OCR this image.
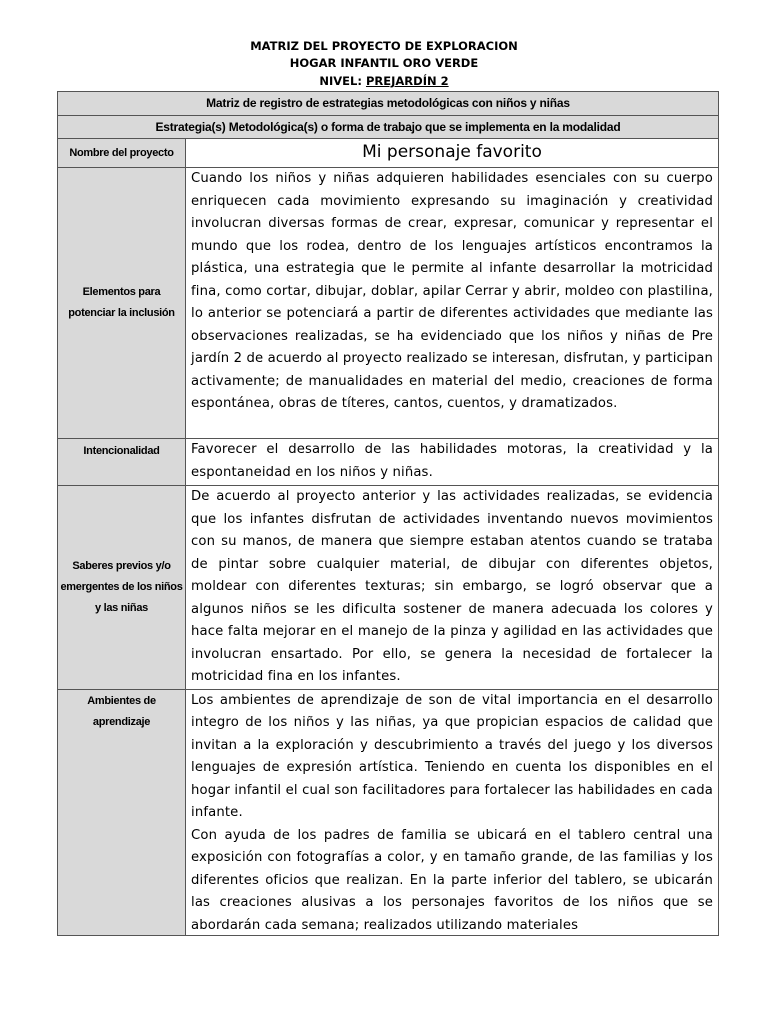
MATRIZ DEL PROYECTO DE EXPLORACION
HOGAR INFANTIL ORO VERDE
NIVEL: PREJARDÍN 2
Matriz de registro de estrategias metodológicas con niños y niñas	
Estrategia(s) Metodológica(s) o forma de trabajo que se implementa en la modalidad	
Nombre del proyecto	Mi personaje favorito
Elementos para potenciar la inclusión	Cuando los niños y niñas adquieren habilidades esenciales con su cuerpo enriquecen cada movimiento expresando su imaginación y creatividad involucran diversas formas de crear, expresar, comunicar y representar el mundo que los rodea, dentro de los lenguajes artísticos encontramos la plástica, una estrategia que le permite al infante desarrollar la motricidad fina, como cortar, dibujar, doblar, apilar Cerrar y abrir, moldeo con plastilina, lo anterior se potenciará a partir de diferentes actividades que mediante las observaciones realizadas, se ha evidenciado que los niños y niñas de Pre jardín 2 de acuerdo al proyecto realizado se interesan, disfrutan, y participan activamente; de manualidades en material del medio, creaciones de forma espontánea, obras de títeres, cantos, cuentos, y dramatizados.

Intencionalidad	Favorecer el desarrollo de las habilidades motoras, la creatividad y la espontaneidad en los niños y niñas.

Saberes previos y/o emergentes de los niños y las niñas	De acuerdo al proyecto anterior y las actividades realizadas, se evidencia que los infantes disfrutan de actividades inventando nuevos movimientos con su manos, de manera que siempre estaban atentos cuando se trataba de pintar sobre cualquier material, de dibujar con diferentes objetos, moldear con diferentes texturas; sin embargo, se logró observar que a algunos niños se les dificulta sostener de manera adecuada los colores y hace falta mejorar en el manejo de la pinza y agilidad en las actividades que involucran ensartado. Por ello, se genera la necesidad de fortalecer la motricidad fina en los infantes.

Ambientes de aprendizaje	Los ambientes de aprendizaje de son de vital importancia en el desarrollo integro de los niños y las niñas, ya que propician espacios de calidad que invitan a la exploración y descubrimiento a través del juego y los diversos lenguajes de expresión artística. Teniendo en cuenta los disponibles en el hogar infantil el cual son facilitadores para fortalecer las habilidades en cada infante.

Con ayuda de los padres de familia se ubicará en el tablero central una exposición con fotografías a color, y en tamaño grande, de las familias y los diferentes oficios que realizan. En la parte inferior del tablero, se ubicarán las creaciones alusivas a los personajes favoritos de los niños que se abordarán cada semana; realizados utilizando materiales
